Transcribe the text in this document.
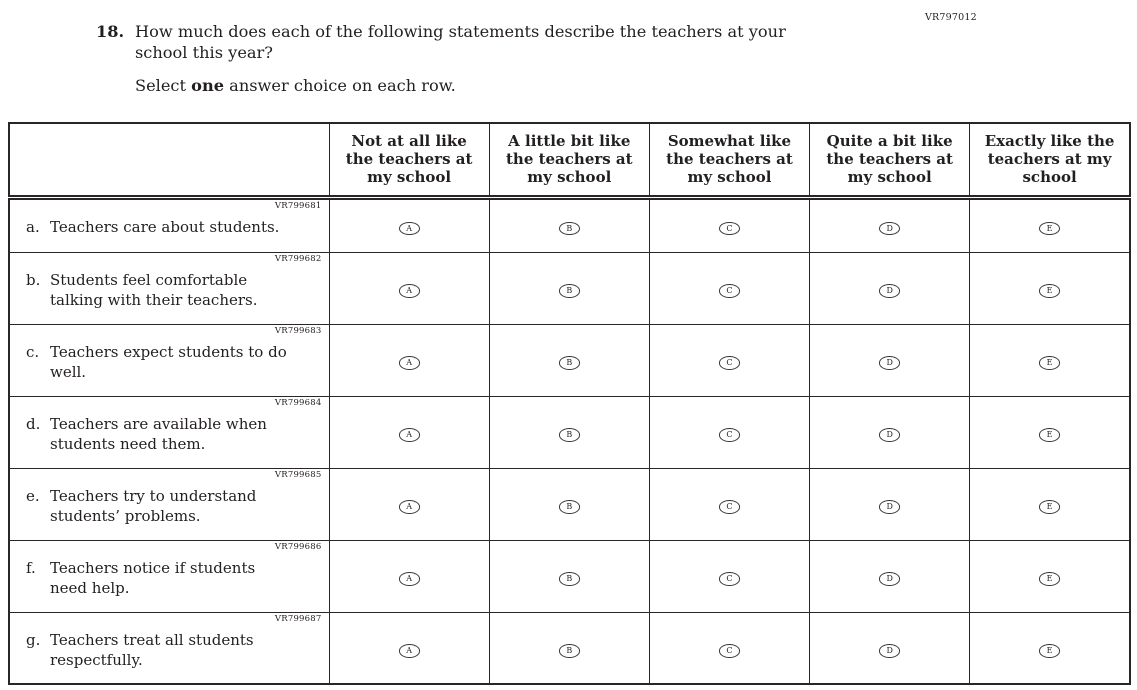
VR797012
18. How much does each of the following statements describe the teachers at your school this year?
Select one answer choice on each row.
	Not at all like the teachers at my school	A little bit like the teachers at my school	Somewhat like the teachers at my school	Quite a bit like the teachers at my school	Exactly like the teachers at my school

VR799681
a. Teachers care about students.	A	B	C	D	E

VR799682
b. Students feel comfortable talking with their teachers.	A	B	C	D	E

VR799683
c. Teachers expect students to do well.	A	B	C	D	E

VR799684
d. Teachers are available when students need them.	A	B	C	D	E

VR799685
e. Teachers try to understand students’ problems.	A	B	C	D	E

VR799686
f. Teachers notice if students need help.	A	B	C	D	E

VR799687
g. Teachers treat all students respectfully.	A	B	C	D	E
